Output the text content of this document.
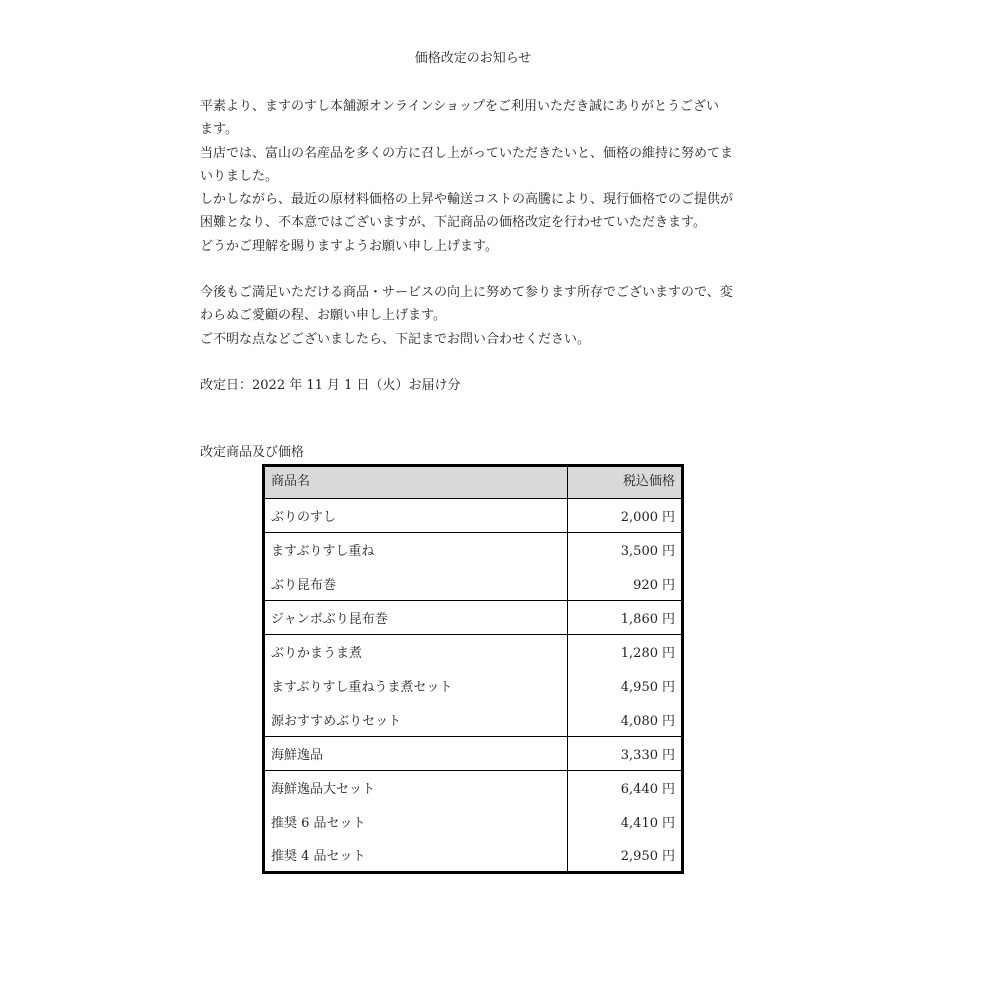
価格改定のお知らせ

平素より、ますのすし本舗源オンラインショップをご利用いただき誠にありがとうござい

ます。

当店では、富山の名産品を多くの方に召し上がっていただきたいと、価格の維持に努めてま

いりました。

しかしながら、最近の原材料価格の上昇や輸送コストの高騰により、現行価格でのご提供が

困難となり、不本意ではございますが、下記商品の価格改定を行わせていただきます。

どうかご理解を賜りますようお願い申し上げます。

今後もご満足いただける商品・サービスの向上に努めて参ります所存でございますので、変

わらぬご愛顧の程、お願い申し上げます。

ご不明な点などございましたら、下記までお問い合わせください。

改定日：2022 年 11 月 1 日（火）お届け分

改定商品及び価格

商品名	税込価格
ぶりのすし	2,000 円
ますぶりすし重ね	3,500 円
ぶり昆布巻	920 円
ジャンボぶり昆布巻	1,860 円
ぶりかまうま煮	1,280 円
ますぶりすし重ねうま煮セット	4,950 円
源おすすめぶりセット	4,080 円
海鮮逸品	3,330 円
海鮮逸品大セット	6,440 円
推奨 6 品セット	4,410 円
推奨 4 品セット	2,950 円
